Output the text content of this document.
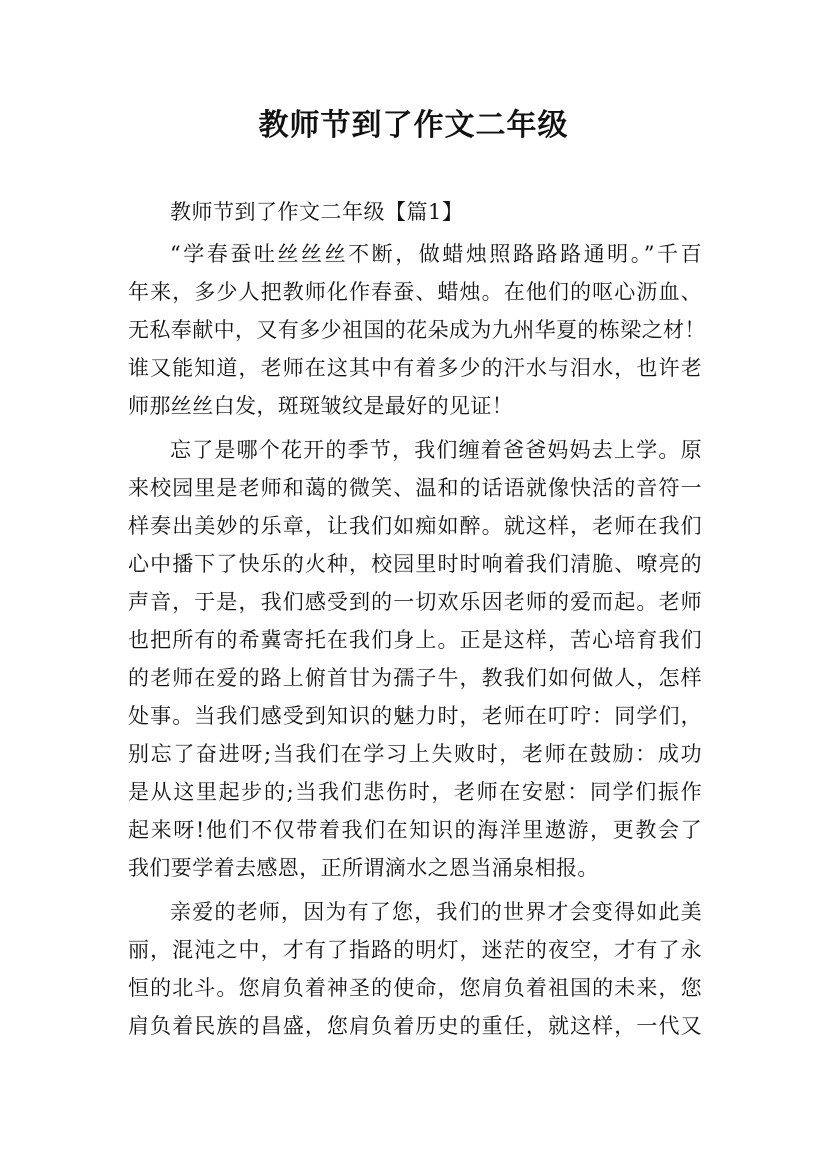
教师节到了作文二年级
教师节到了作文二年级【篇1】
“学春蚕吐丝丝丝不断，做蜡烛照路路路通明。”千百
年来，多少人把教师化作春蚕、蜡烛。在他们的呕心沥血、
无私奉献中，又有多少祖国的花朵成为九州华夏的栋梁之材！
谁又能知道，老师在这其中有着多少的汗水与泪水，也许老
师那丝丝白发，斑斑皱纹是最好的见证！
忘了是哪个花开的季节，我们缠着爸爸妈妈去上学。原
来校园里是老师和蔼的微笑、温和的话语就像快活的音符一
样奏出美妙的乐章，让我们如痴如醉。就这样，老师在我们
心中播下了快乐的火种，校园里时时响着我们清脆、嘹亮的
声音，于是，我们感受到的一切欢乐因老师的爱而起。老师
也把所有的希冀寄托在我们身上。正是这样，苦心培育我们
的老师在爱的路上俯首甘为孺子牛，教我们如何做人，怎样
处事。当我们感受到知识的魅力时，老师在叮咛：同学们，
别忘了奋进呀;当我们在学习上失败时，老师在鼓励：成功
是从这里起步的;当我们悲伤时，老师在安慰：同学们振作
起来呀!他们不仅带着我们在知识的海洋里遨游，更教会了
我们要学着去感恩，正所谓滴水之恩当涌泉相报。
亲爱的老师，因为有了您，我们的世界才会变得如此美
丽，混沌之中，才有了指路的明灯，迷茫的夜空，才有了永
恒的北斗。您肩负着神圣的使命，您肩负着祖国的未来，您
肩负着民族的昌盛，您肩负着历史的重任，就这样，一代又
